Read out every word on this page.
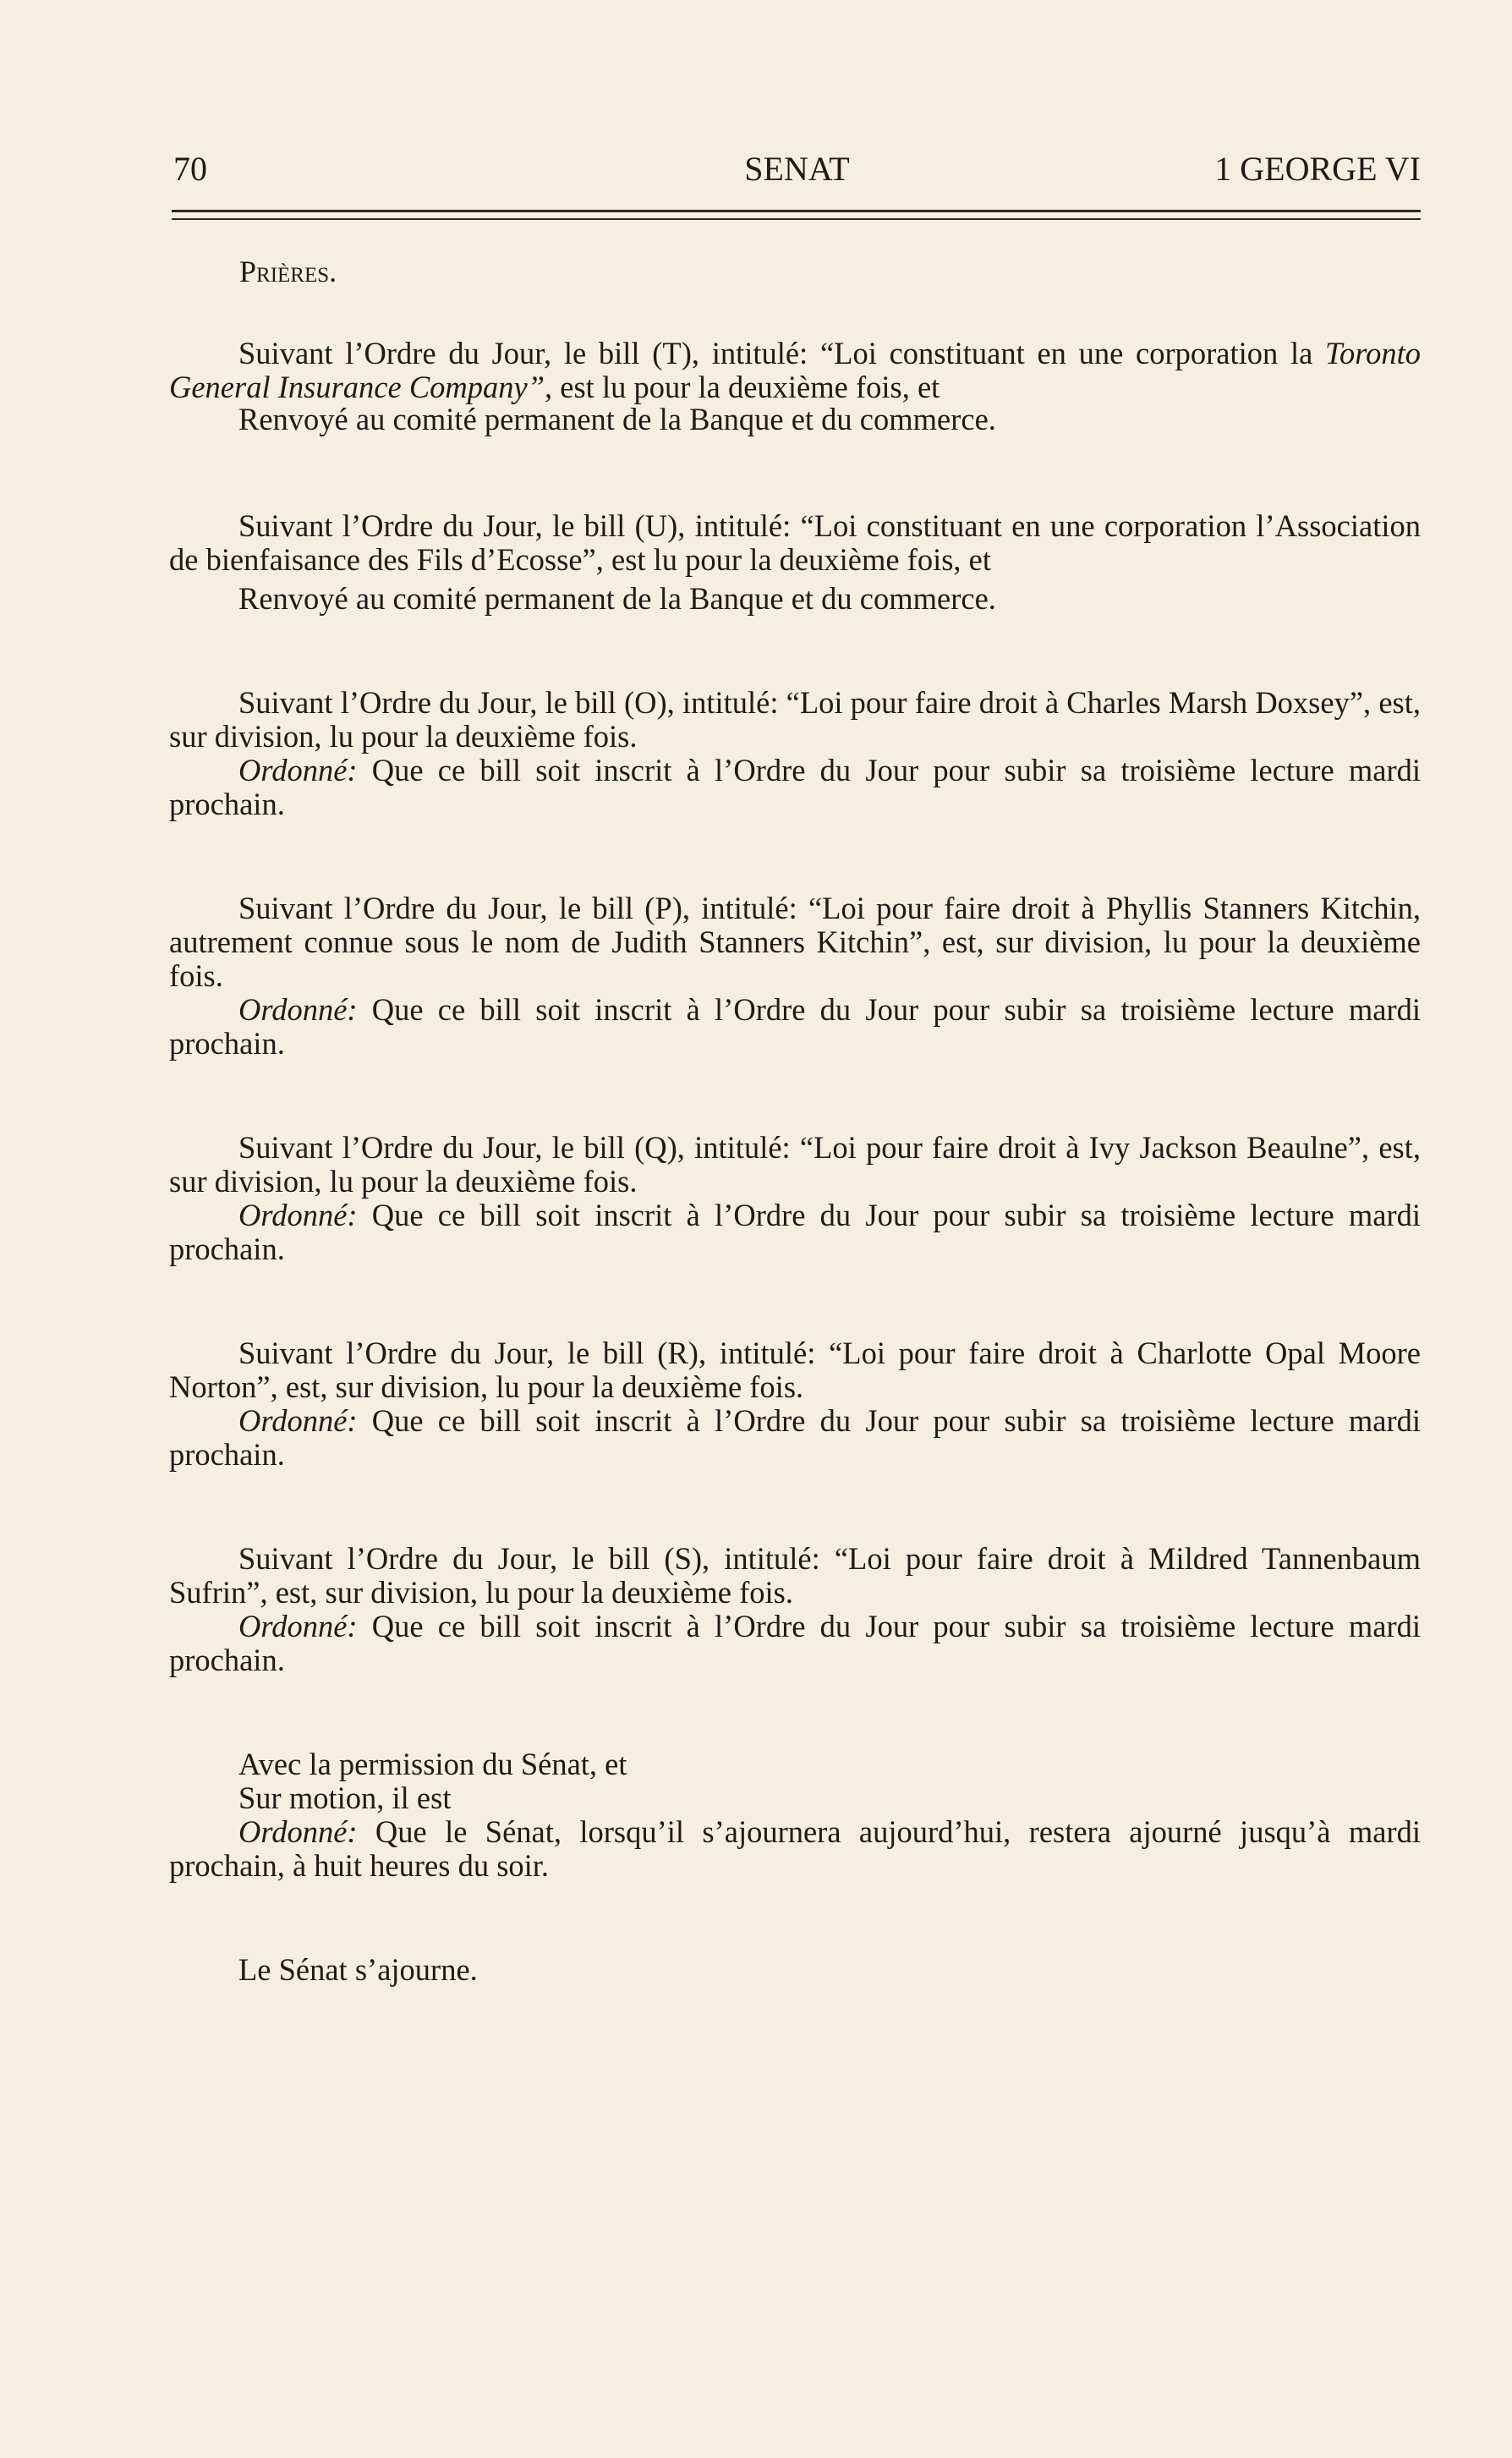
70	SENAT	1 GEORGE VI
Prières.
Suivant l’Ordre du Jour, le bill (T), intitulé: “Loi constituant en une corporation la Toronto General Insurance Company”, est lu pour la deuxième fois, et
Renvoyé au comité permanent de la Banque et du commerce.
Suivant l’Ordre du Jour, le bill (U), intitulé: “Loi constituant en une corporation l’Association de bienfaisance des Fils d’Ecosse”, est lu pour la deuxième fois, et
Renvoyé au comité permanent de la Banque et du commerce.
Suivant l’Ordre du Jour, le bill (O), intitulé: “Loi pour faire droit à Charles Marsh Doxsey”, est, sur division, lu pour la deuxième fois.
Ordonné: Que ce bill soit inscrit à l’Ordre du Jour pour subir sa troisième lecture mardi prochain.
Suivant l’Ordre du Jour, le bill (P), intitulé: “Loi pour faire droit à Phyllis Stanners Kitchin, autrement connue sous le nom de Judith Stanners Kitchin”, est, sur division, lu pour la deuxième fois.
Ordonné: Que ce bill soit inscrit à l’Ordre du Jour pour subir sa troisième lecture mardi prochain.
Suivant l’Ordre du Jour, le bill (Q), intitulé: “Loi pour faire droit à Ivy Jackson Beaulne”, est, sur division, lu pour la deuxième fois.
Ordonné: Que ce bill soit inscrit à l’Ordre du Jour pour subir sa troisième lecture mardi prochain.
Suivant l’Ordre du Jour, le bill (R), intitulé: “Loi pour faire droit à Charlotte Opal Moore Norton”, est, sur division, lu pour la deuxième fois.
Ordonné: Que ce bill soit inscrit à l’Ordre du Jour pour subir sa troisième lecture mardi prochain.
Suivant l’Ordre du Jour, le bill (S), intitulé: “Loi pour faire droit à Mildred Tannenbaum Sufrin”, est, sur division, lu pour la deuxième fois.
Ordonné: Que ce bill soit inscrit à l’Ordre du Jour pour subir sa troisième lecture mardi prochain.
Avec la permission du Sénat, et
Sur motion, il est
Ordonné: Que le Sénat, lorsqu’il s’ajournera aujourd’hui, restera ajourné jusqu’à mardi prochain, à huit heures du soir.
Le Sénat s’ajourne.
